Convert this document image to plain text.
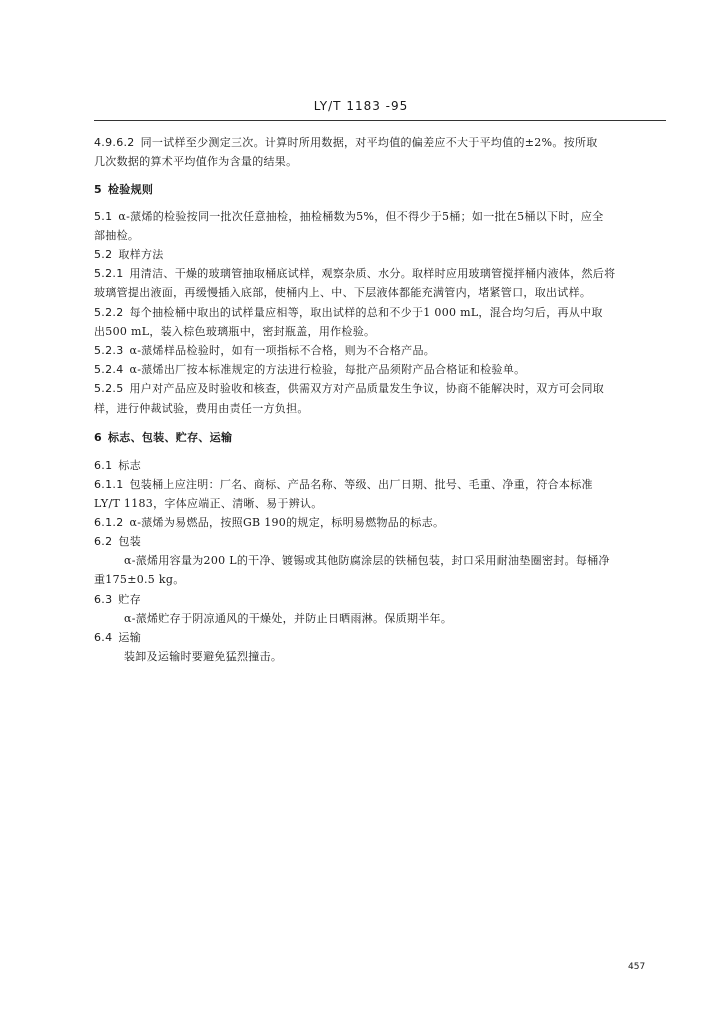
LY/T 1183 -95
4.9.6.2 同一试样至少测定三次。计算时所用数据，对平均值的偏差应不大于平均值的±2%。按所取
几次数据的算术平均值作为含量的结果。
5 检验规则
5.1 α-蒎烯的检验按同一批次任意抽检，抽检桶数为5%，但不得少于5桶；如一批在5桶以下时，应全
部抽检。
5.2 取样方法
5.2.1 用清洁、干燥的玻璃管抽取桶底试样，观察杂质、水分。取样时应用玻璃管搅拌桶内液体，然后将
玻璃管提出液面，再缓慢插入底部，使桶内上、中、下层液体都能充满管内，堵紧管口，取出试样。
5.2.2 每个抽检桶中取出的试样量应相等，取出试样的总和不少于1 000 mL，混合均匀后，再从中取
出500 mL，装入棕色玻璃瓶中，密封瓶盖，用作检验。
5.2.3 α-蒎烯样品检验时，如有一项指标不合格，则为不合格产品。
5.2.4 α-蒎烯出厂按本标准规定的方法进行检验，每批产品须附产品合格证和检验单。
5.2.5 用户对产品应及时验收和核查，供需双方对产品质量发生争议，协商不能解决时，双方可会同取
样，进行仲裁试验，费用由责任一方负担。
6 标志、包装、贮存、运输
6.1 标志
6.1.1 包装桶上应注明：厂名、商标、产品名称、等级、出厂日期、批号、毛重、净重，符合本标准
LY/T 1183，字体应端正、清晰、易于辨认。
6.1.2 α-蒎烯为易燃品，按照GB 190的规定，标明易燃物品的标志。
6.2 包装
α-蒎烯用容量为200 L的干净、镀锡或其他防腐涂层的铁桶包装，封口采用耐油垫圈密封。每桶净
重175±0.5 kg。
6.3 贮存
α-蒎烯贮存于阴凉通风的干燥处，并防止日晒雨淋。保质期半年。
6.4 运输
装卸及运输时要避免猛烈撞击。
457
